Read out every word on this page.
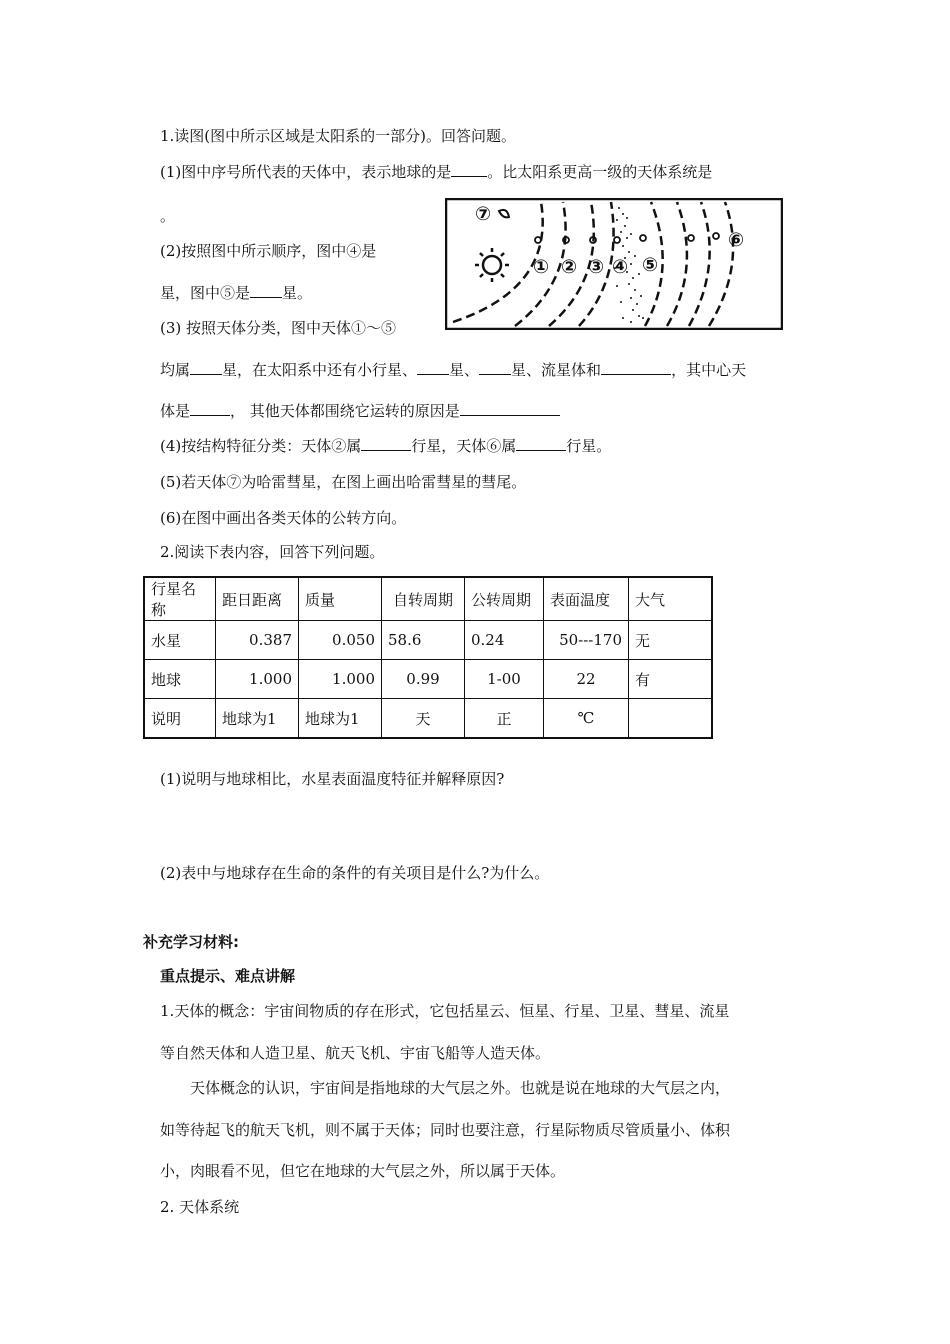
1.读图(图中所示区域是太阳系的一部分)。回答问题。
(1)图中序号所代表的天体中，表示地球的是 。比太阳系更高一级的天体系统是
。
(2)按照图中所示顺序，图中④是
星，图中⑤是 星。
(3) 按照天体分类，图中天体①～⑤
均属 星，在太阳系中还有小行星、 星、 星、流星体和	，其中心天
体是	， 其他天体都围绕它运转的原因是
(4)按结构特征分类：天体②属	行星，天体⑥属	行星。
(5)若天体⑦为哈雷彗星，在图上画出哈雷彗星的彗尾。
(6)在图中画出各类天体的公转方向。
① ② ③ ④ ⑤
⑥
⑦
2.阅读下表内容，回答下列问题。
行星名称	距日距离	质量	自转周期	公转周期	表面温度	大气
水星	0.387	0.050	58.6	0.24	50---170	无
地球	1.000	1.000	0.99	1-00	22	有
说明	地球为1	地球为1	天	正	℃	
(1)说明与地球相比，水星表面温度特征并解释原因?
(2)表中与地球存在生命的条件的有关项目是什么?为什么。
补充学习材料:
重点提示、难点讲解
1.天体的概念：宇宙间物质的存在形式，它包括星云、恒星、行星、卫星、彗星、流星
等自然天体和人造卫星、航天飞机、宇宙飞船等人造天体。
天体概念的认识，宇宙间是指地球的大气层之外。也就是说在地球的大气层之内，
如等待起飞的航天飞机，则不属于天体；同时也要注意，行星际物质尽管质量小、体积
小，肉眼看不见，但它在地球的大气层之外，所以属于天体。
2. 天体系统
